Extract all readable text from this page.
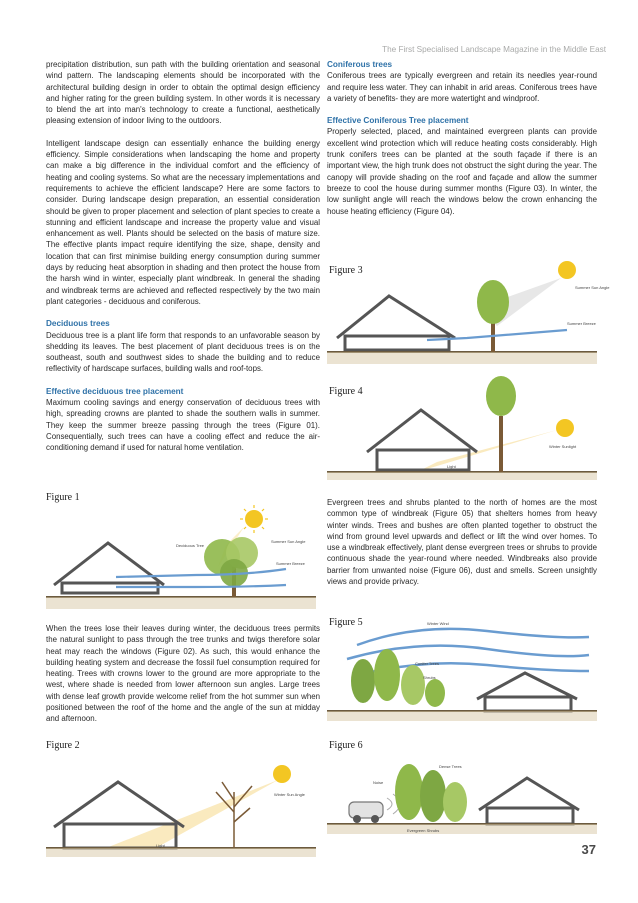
The First Specialised Landscape Magazine in the Middle East

precipitation distribution, sun path with the building orientation and seasonal wind pattern. The landscaping elements should be incorporated with the architectural building design in order to obtain the optimal design efficiency and higher rating for the green building system. In other words it is necessary to blend the art into man's technology to create a functional, aesthetically pleasing extension of indoor living to the outdoors.

Intelligent landscape design can essentially enhance the building energy efficiency. Simple considerations when landscaping the home and property can make a big difference in the individual comfort and the efficiency of heating and cooling systems. So what are the necessary implementations and requirements to achieve the efficient landscape? Here are some factors to consider. During landscape design preparation, an essential consideration should be given to proper placement and selection of plant species to create a stunning and efficient landscape and increase the property value and visual enhancement as well. Plants should be selected on the basis of mature size. The effective plants impact require identifying the size, shape, density and location that can first minimise building energy consumption during summer days by reducing heat absorption in shading and then protect the house from the harsh wind in winter, especially plant windbreak. In general the shading and windbreak terms are achieved and reflected respectively by the two main plant categories - deciduous and coniferous.

Deciduous trees

Deciduous tree is a plant life form that responds to an unfavorable season by shedding its leaves. The best placement of plant deciduous trees is on the southeast, south and southwest sides to shade the building and to reduce reflectivity of hardscape surfaces, building walls and roof-tops.

Effective deciduous tree placement

Maximum cooling savings and energy conservation of deciduous trees with high, spreading crowns are planted to shade the southern walls in summer. They keep the summer breeze passing through the trees (Figure 01). Consequentially, such trees can have a cooling effect and reduce the air-conditioning demand if used for natural home ventilation.

When the trees lose their leaves during winter, the deciduous trees permits the natural sunlight to pass through the tree trunks and twigs therefore solar heat may reach the windows (Figure 02). As such, this would enhance the building heating system and decrease the fossil fuel consumption required for heating. Trees with crowns lower to the ground are more appropriate to the west, where shade is needed from lower afternoon sun angles. Large trees with dense leaf growth provide welcome relief from the hot summer sun when positioned between the roof of the home and the angle of the sun at midday and afternoon.

Coniferous trees

Coniferous trees are typically evergreen and retain its needles year-round and require less water. They can inhabit in arid areas. Coniferous trees have a variety of benefits- they are more watertight and windproof.

Effective Coniferous Tree placement

Properly selected, placed, and maintained evergreen plants can provide excellent wind protection which will reduce heating costs considerably. High trunk conifers trees can be planted at the south façade if there is an important view, the high trunk does not obstruct the sight during the year. The canopy will provide shading on the roof and façade and allow the summer breeze to cool the house during summer months (Figure 03). In winter, the low sunlight angle will reach the windows below the crown enhancing the house heating efficiency (Figure 04).

Evergreen trees and shrubs planted to the north of homes are the most common type of windbreak (Figure 05) that shelters homes from heavy winter winds. Trees and bushes are often planted together to obstruct the wind from ground level upwards and deflect or lift the wind over homes. To use a windbreak effectively, plant dense evergreen trees or shrubs to provide continuous shade the year-round where needed. Windbreaks also provide barrier from unwanted noise (Figure 06), dust and smells. Screen unsightly views and provide privacy.

Figure 1
Deciduous Tree
Summer Sun Angle
Summer Breeze
Figure 2
Light
Winter Sun Angle
Figure 3
Summer Sun Angle
Summer Breeze
Figure 4
Winter Sunlight
Light
Figure 5	Winter Wind
Conifer Trees
Shrubs
Figure 6
Noise
Dense Trees
Evergreen Shrubs
37
